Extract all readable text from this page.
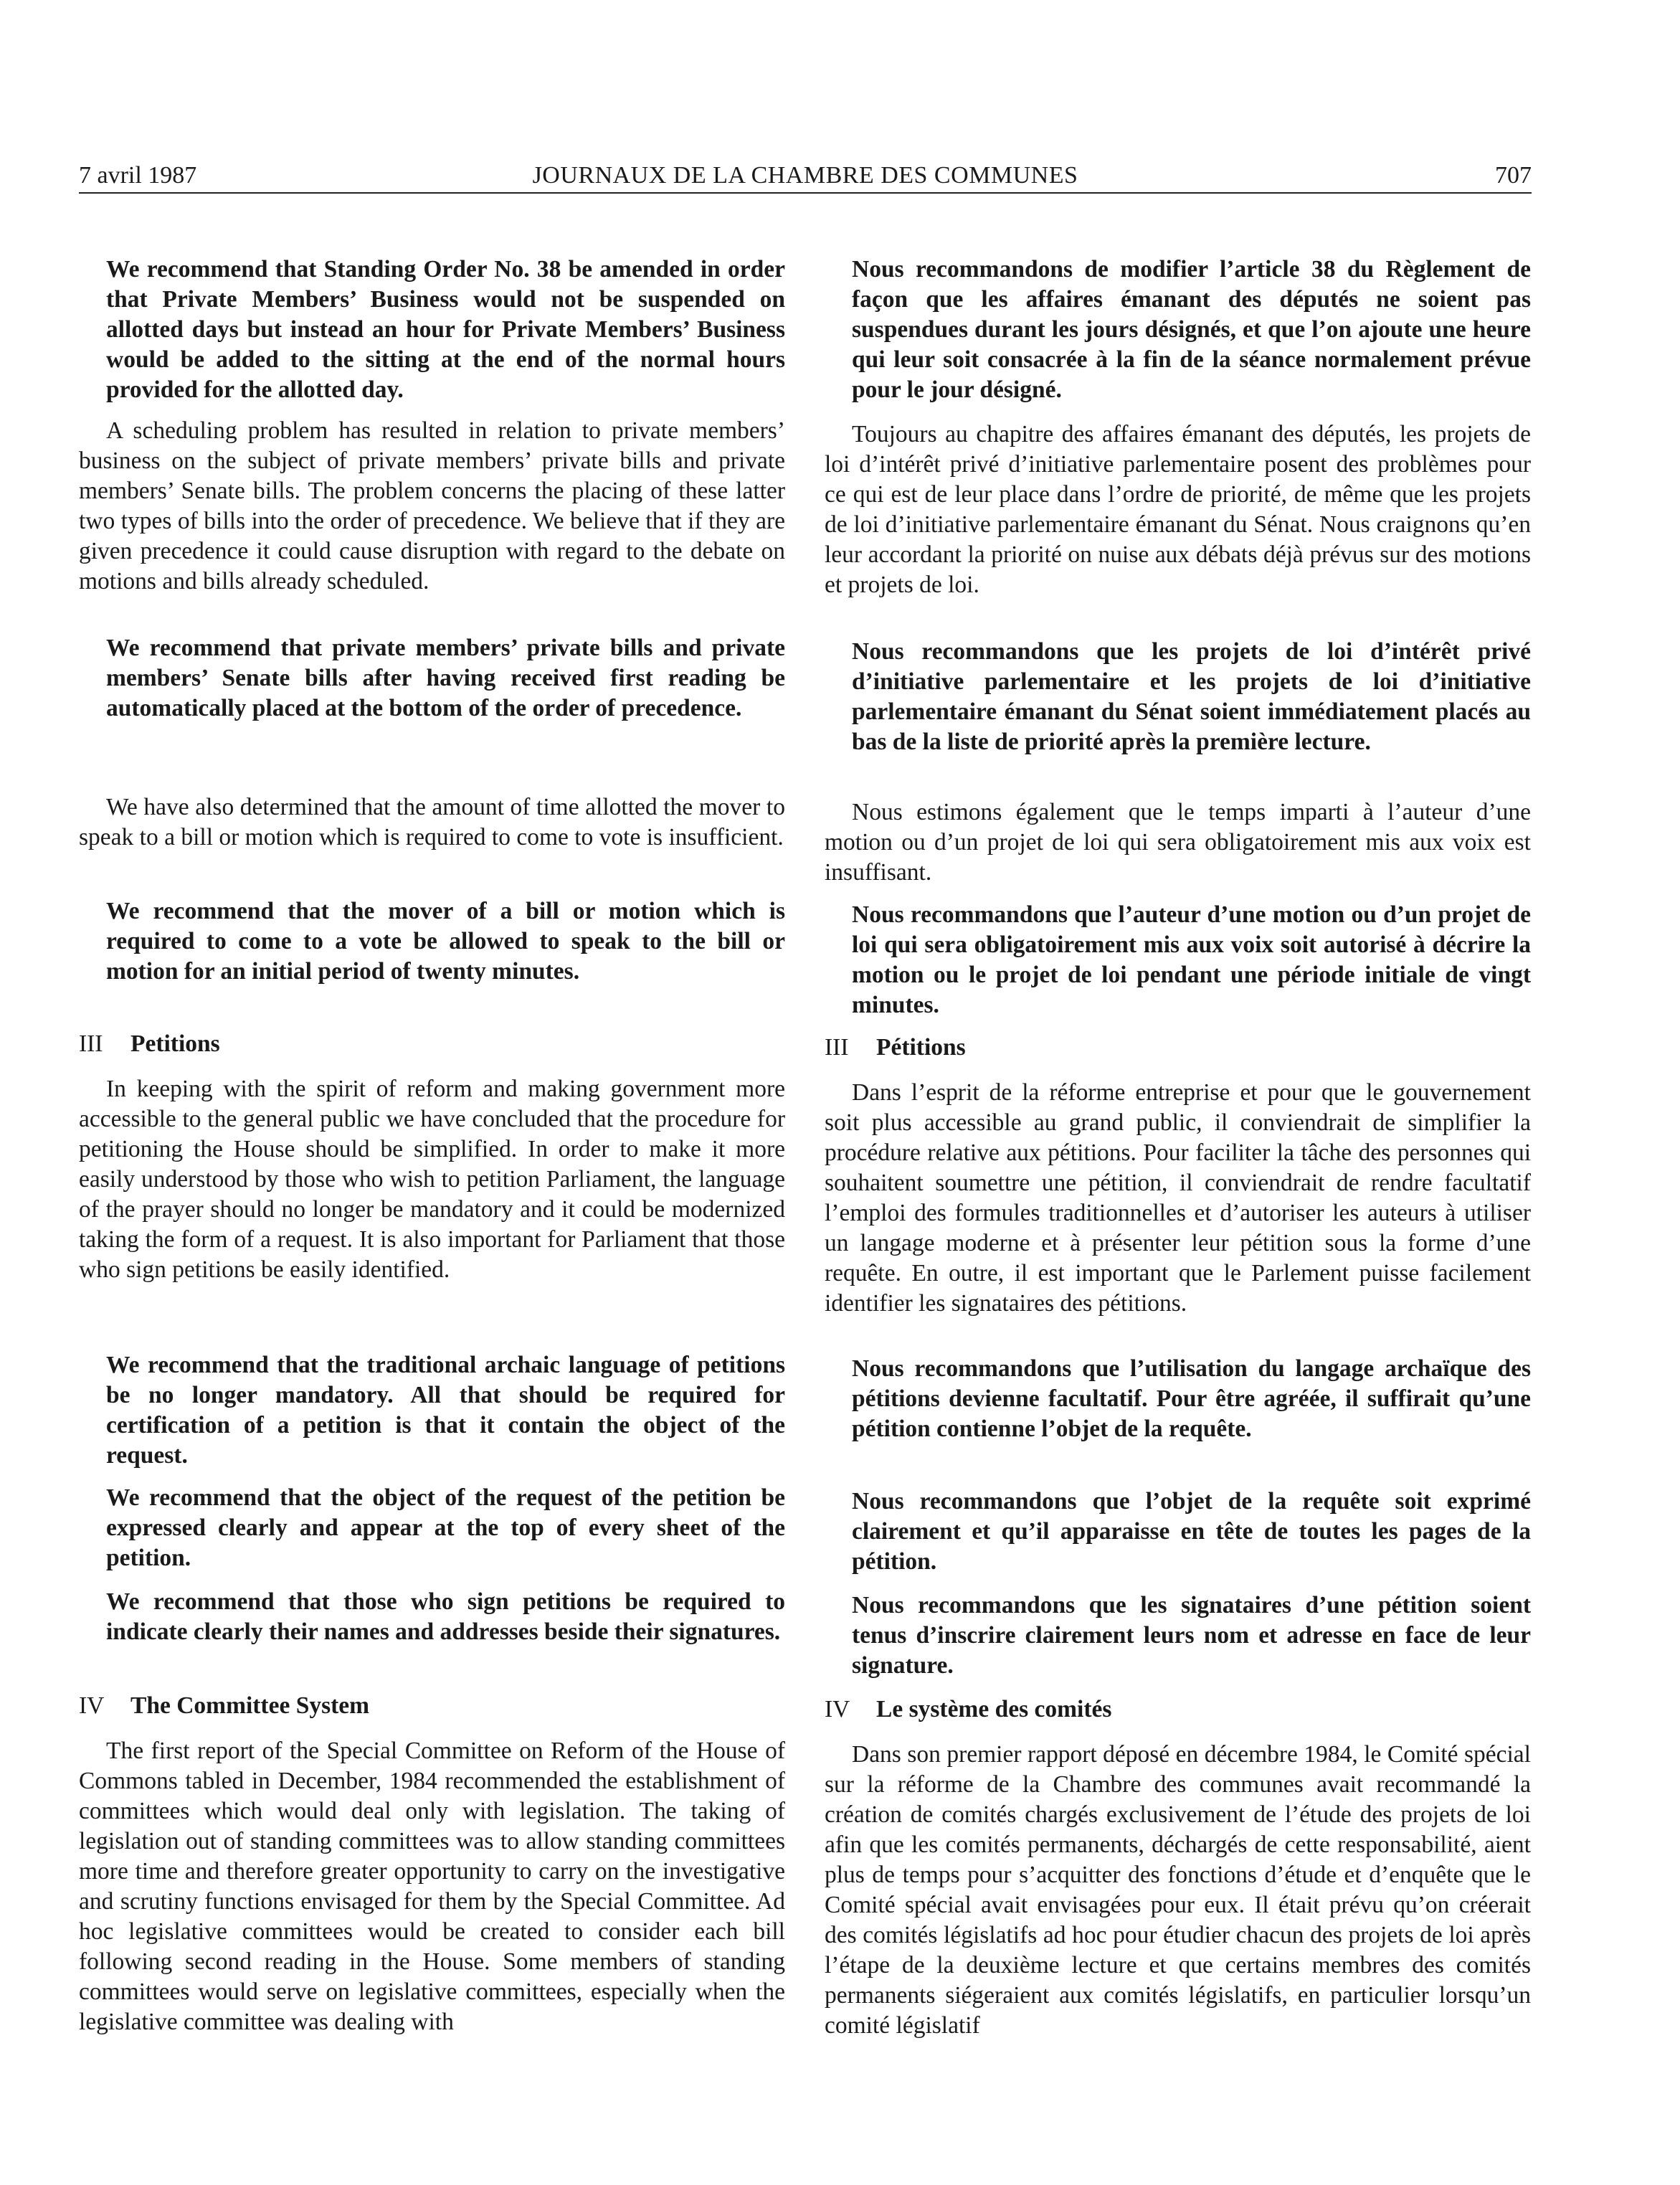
7 avril 1987	JOURNAUX DE LA CHAMBRE DES COMMUNES	707

We recommend that Standing Order No. 38 be amended in order that Private Members’ Business would not be suspended on allotted days but instead an hour for Private Members’ Business would be added to the sitting at the end of the normal hours provided for the allotted day.

A scheduling problem has resulted in relation to private members’ business on the subject of private members’ private bills and private members’ Senate bills. The problem concerns the placing of these latter two types of bills into the order of precedence. We believe that if they are given precedence it could cause disruption with regard to the debate on motions and bills already scheduled.

We recommend that private members’ private bills and private members’ Senate bills after having received first reading be automatically placed at the bottom of the order of precedence.

We have also determined that the amount of time allotted the mover to speak to a bill or motion which is required to come to vote is insufficient.

We recommend that the mover of a bill or motion which is required to come to a vote be allowed to speak to the bill or motion for an initial period of twenty minutes.

III Petitions

In keeping with the spirit of reform and making government more accessible to the general public we have concluded that the procedure for petitioning the House should be simplified. In order to make it more easily understood by those who wish to petition Parliament, the language of the prayer should no longer be mandatory and it could be modernized taking the form of a request. It is also important for Parliament that those who sign petitions be easily identified.

We recommend that the traditional archaic language of petitions be no longer mandatory. All that should be required for certification of a petition is that it contain the object of the request.

We recommend that the object of the request of the petition be expressed clearly and appear at the top of every sheet of the petition.

We recommend that those who sign petitions be required to indicate clearly their names and addresses beside their signatures.

IV The Committee System

The first report of the Special Committee on Reform of the House of Commons tabled in December, 1984 recommended the establishment of committees which would deal only with legislation. The taking of legislation out of standing committees was to allow standing committees more time and therefore greater opportunity to carry on the investigative and scrutiny functions envisaged for them by the Special Committee. Ad hoc legislative committees would be created to consider each bill following second reading in the House. Some members of standing committees would serve on legislative committees, especially when the legislative committee was dealing with

Nous recommandons de modifier l’article 38 du Règlement de façon que les affaires émanant des députés ne soient pas suspendues durant les jours désignés, et que l’on ajoute une heure qui leur soit consacrée à la fin de la séance normalement prévue pour le jour désigné.

Toujours au chapitre des affaires émanant des députés, les projets de loi d’intérêt privé d’initiative parlementaire posent des problèmes pour ce qui est de leur place dans l’ordre de priorité, de même que les projets de loi d’initiative parlementaire émanant du Sénat. Nous craignons qu’en leur accordant la priorité on nuise aux débats déjà prévus sur des motions et projets de loi.

Nous recommandons que les projets de loi d’intérêt privé d’initiative parlementaire et les projets de loi d’initiative parlementaire émanant du Sénat soient immédiatement placés au bas de la liste de priorité après la première lecture.

Nous estimons également que le temps imparti à l’auteur d’une motion ou d’un projet de loi qui sera obligatoirement mis aux voix est insuffisant.

Nous recommandons que l’auteur d’une motion ou d’un projet de loi qui sera obligatoirement mis aux voix soit autorisé à décrire la motion ou le projet de loi pendant une période initiale de vingt minutes.

III Pétitions

Dans l’esprit de la réforme entreprise et pour que le gouvernement soit plus accessible au grand public, il conviendrait de simplifier la procédure relative aux pétitions. Pour faciliter la tâche des personnes qui souhaitent soumettre une pétition, il conviendrait de rendre facultatif l’emploi des formules traditionnelles et d’autoriser les auteurs à utiliser un langage moderne et à présenter leur pétition sous la forme d’une requête. En outre, il est important que le Parlement puisse facilement identifier les signataires des pétitions.

Nous recommandons que l’utilisation du langage archaïque des pétitions devienne facultatif. Pour être agréée, il suffirait qu’une pétition contienne l’objet de la requête.

Nous recommandons que l’objet de la requête soit exprimé clairement et qu’il apparaisse en tête de toutes les pages de la pétition.

Nous recommandons que les signataires d’une pétition soient tenus d’inscrire clairement leurs nom et adresse en face de leur signature.

IV Le système des comités

Dans son premier rapport déposé en décembre 1984, le Comité spécial sur la réforme de la Chambre des communes avait recommandé la création de comités chargés exclusivement de l’étude des projets de loi afin que les comités permanents, déchargés de cette responsabilité, aient plus de temps pour s’acquitter des fonctions d’étude et d’enquête que le Comité spécial avait envisagées pour eux. Il était prévu qu’on créerait des comités législatifs ad hoc pour étudier chacun des projets de loi après l’étape de la deuxième lecture et que certains membres des comités permanents siégeraient aux comités législatifs, en particulier lorsqu’un comité législatif
